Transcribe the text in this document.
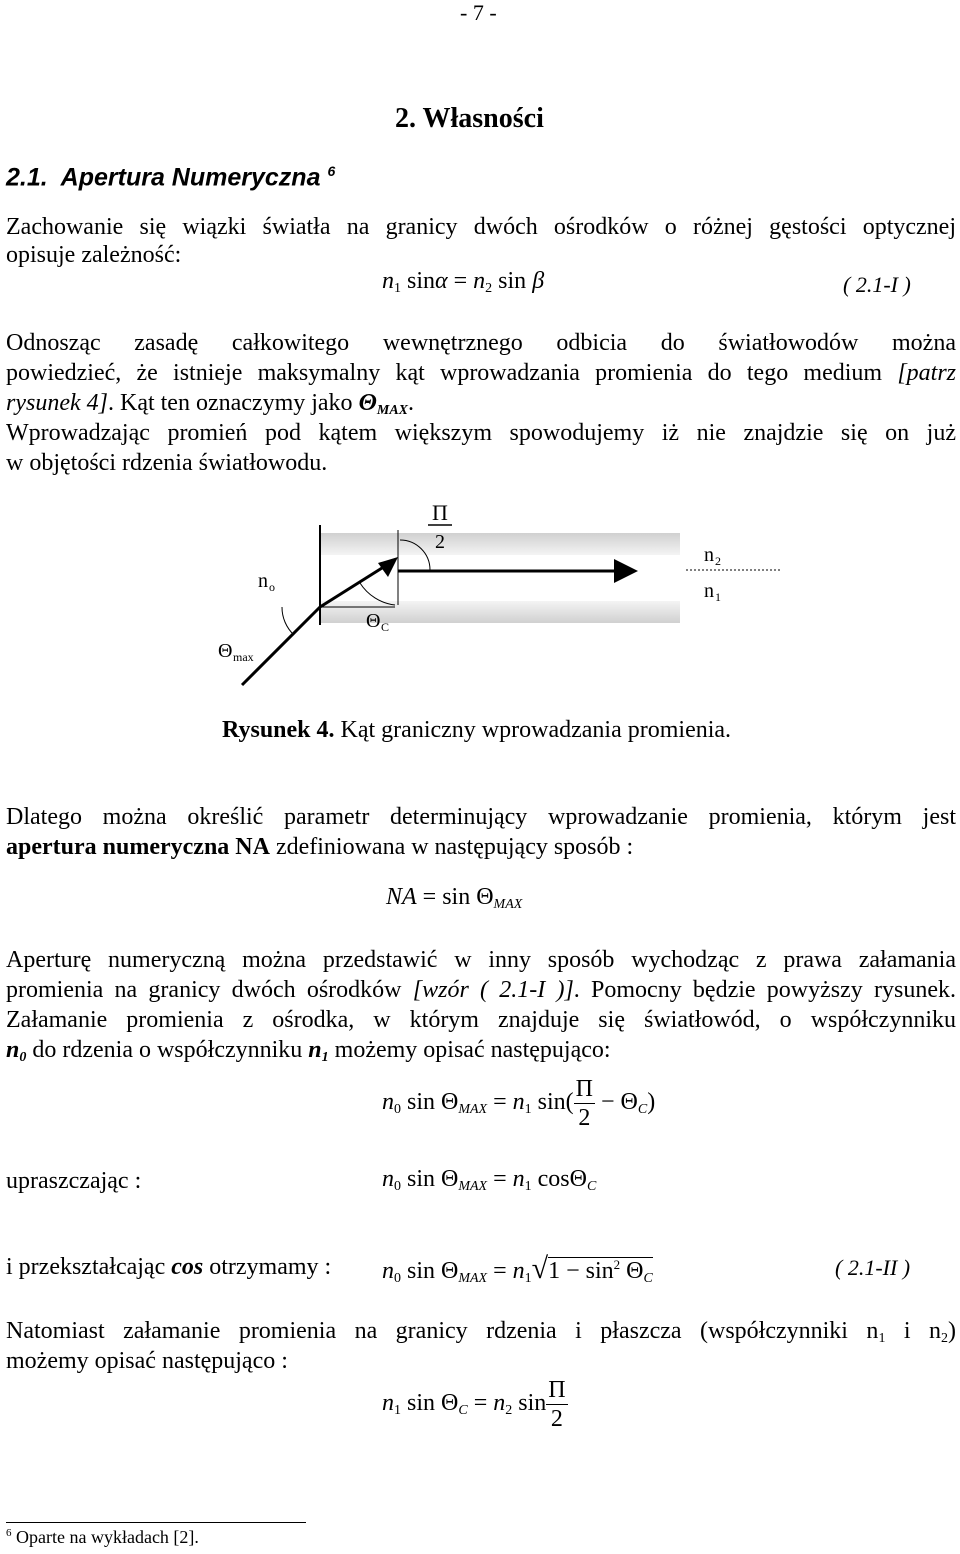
- 7 -
2. Własności
2.1. Apertura Numeryczna $^6$
Zachowanie się wiązki światła na granicy dwóch ośrodków o różnej gęstości optycznej
opisuje zależność:
$n_1$ $\sin\alpha = n_2$ sin β	( 2.1-I )
Odnosząc zasadę całkowitego wewnętrznego odbicia do światłowodów można
powiedzieć, że istnieje maksymalny kąt wprowadzania promienia do tego medium [patrz
rysunek 4]. Kąt ten oznaczymy jako $\Theta_{MAX}$.
Wprowadzając promień pod kątem większym spowodujemy iż nie znajdzie się on już
w objętości rdzenia światłowodu.
Π
2
n 2
n 1
n o
Θ C
Θ max
Rysunek 4. Kąt graniczny wprowadzania promienia.
Dlatego można określić parametr determinujący wprowadzanie promienia, którym jest
apertura numeryczna NA zdefiniowana w następujący sposób :
NA = $\sin \Theta_{MAX}$
Aperturę numeryczną można przedstawić w inny sposób wychodząc z prawa załamania
promienia na granicy dwóch ośrodków [wzór ( 2.1-I )]. Pomocny będzie powyższy rysunek.
Załamanie promienia z ośrodka, w którym znajduje się światłowód, o współczynniku
$n_0$ do rdzenia o współczynniku $n_1$ możemy opisać następująco:
$n_0$ $\sin \Theta_{MAX} = n_1$ $\sin( \frac{\Pi}{2} - \Theta_C)$
upraszczając :	$n_0$ $\sin \Theta_{MAX} = n_1$ cosΘ$_C$
i przekształcając cos otrzymamy : $n_0$ $\sin \Theta_{MAX} = n_1√1 - \sin^2 \Theta_C$	( 2.1-II )
Natomiast załamanie promienia na granicy rdzenia i płaszcza (współczynniki $n_1$ i $n_2$)
możemy opisać następująco :
$n_1$ $\sin \Theta_C = n_2$ $\sin \frac{\Pi}{2}$
$^6$ Oparte na wykładach [2].
